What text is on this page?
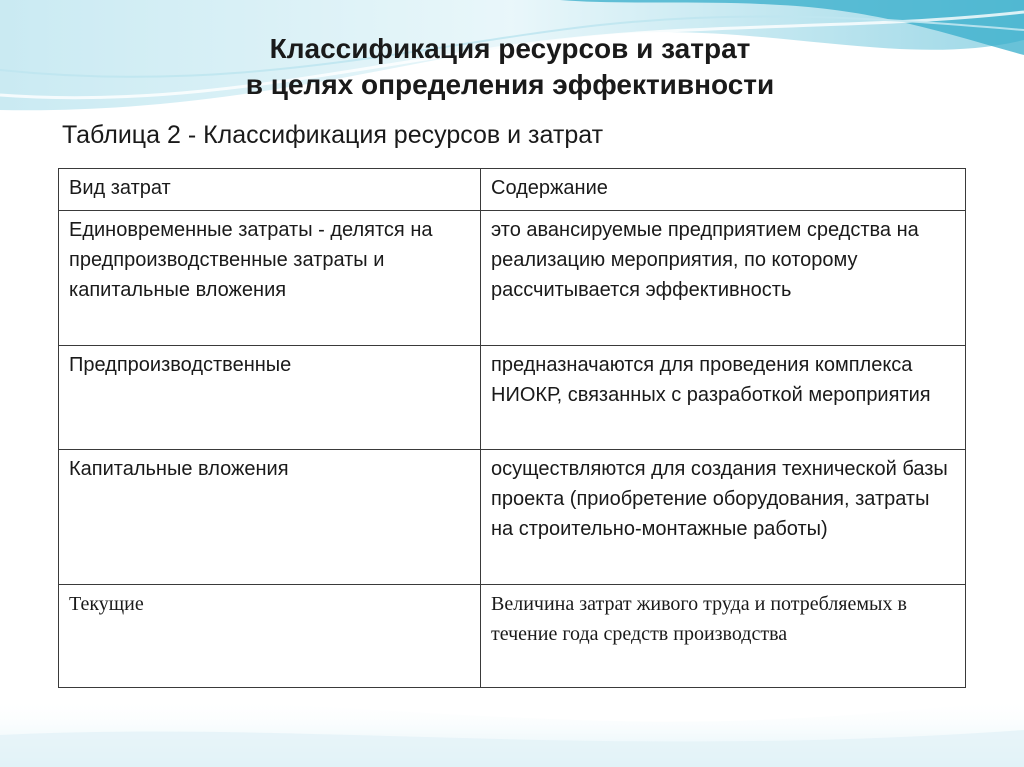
Классификация ресурсов и затрат
в целях определения эффективности
Таблица 2 - Классификация ресурсов и затрат
Вид затрат	Содержание
Единовременные затраты - делятся на предпроизводственные затраты и капитальные вложения	это авансируемые предприятием средства на реализацию мероприятия, по которому рассчитывается эффективность
Предпроизводственные	предназначаются для проведения комплекса НИОКР, связанных с разработкой мероприятия
Капитальные вложения	осуществляются для создания технической базы проекта (приобретение оборудования, затраты на строительно-монтажные работы)
Текущие	Величина затрат живого труда и потребляемых в течение года средств производства
